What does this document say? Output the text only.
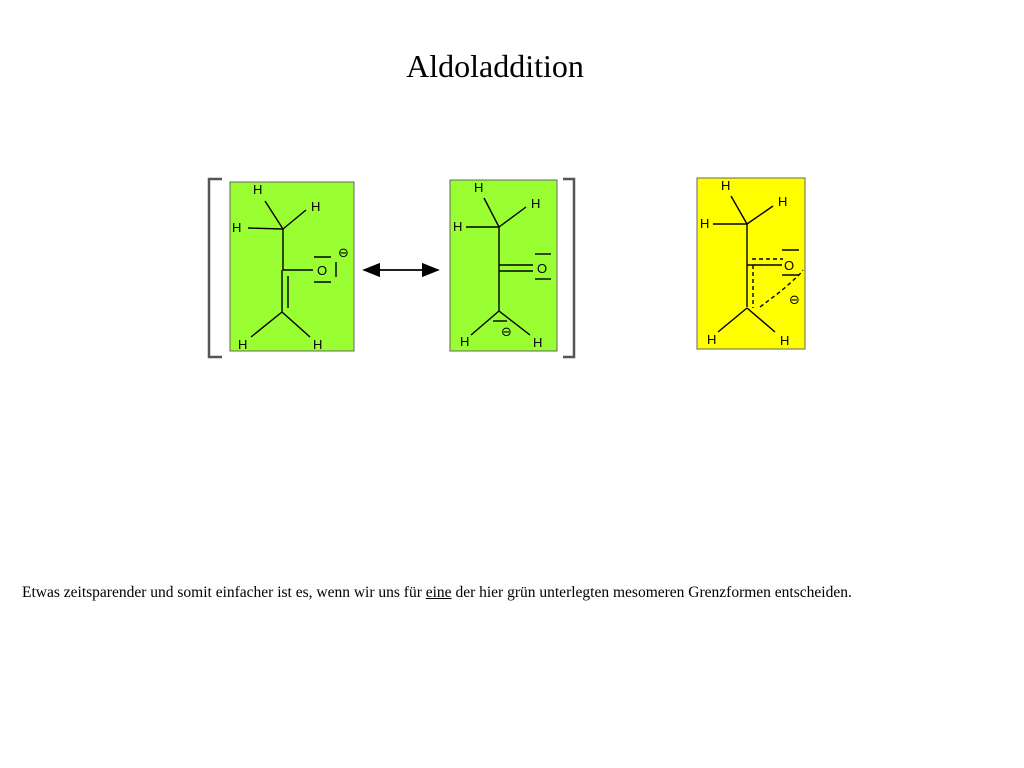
Aldoladdition
H
H
H
O
⊖
H	H
H
H
H
O
⊖
H	H
H
H
H
O
⊖
H	H
Etwas zeitsparender und somit einfacher ist es, wenn wir uns für eine der hier grün unterlegten mesomeren Grenzformen entscheiden.
